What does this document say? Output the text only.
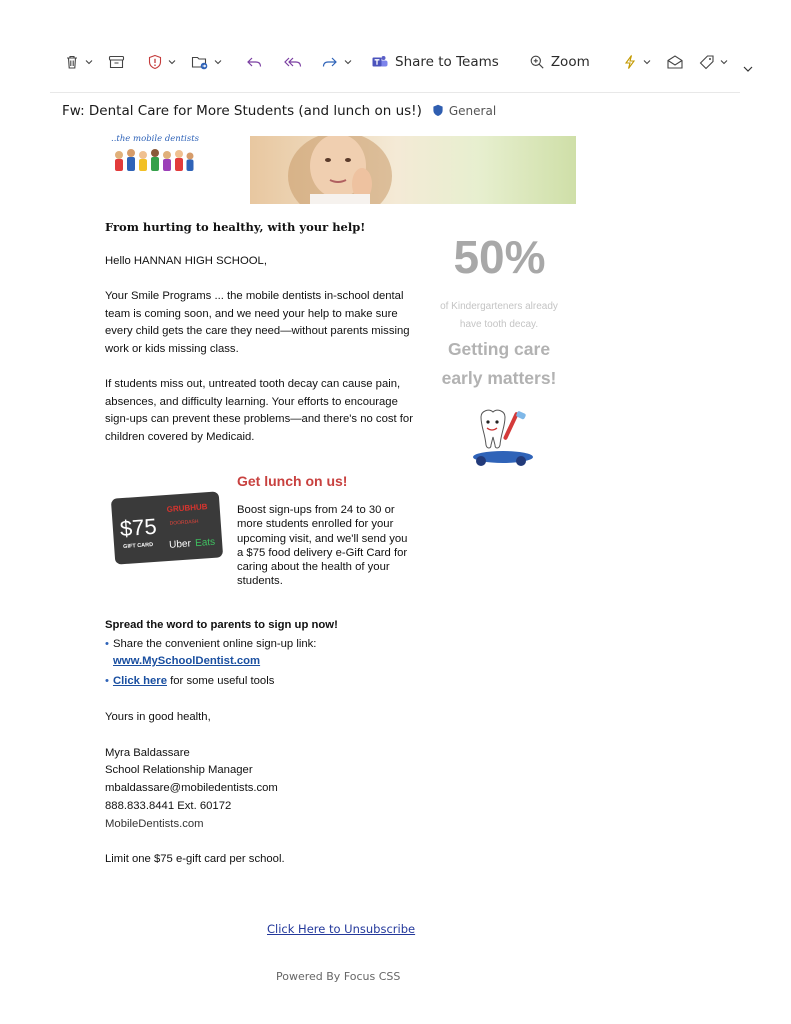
Share to Teams	Zoom
Fw: Dental Care for More Students (and lunch on us!) General
..the mobile dentists
From hurting to healthy, with your help!
Hello HANNAN HIGH SCHOOL,
Your Smile Programs ... the mobile dentists in-school dental
team is coming soon, and we need your help to make sure
every child gets the care they need—without parents missing
work or kids missing class.
If students miss out, untreated tooth decay can cause pain,
absences, and difficulty learning. Your efforts to encourage
sign-ups can prevent these problems—and there's no cost for
children covered by Medicaid.
50%
of Kindergarteners already
have tooth decay.
Getting care
early matters!
$75
GIFT CARD
GRUBHUB
DOORDASH
Uber Eats
Get lunch on us!
Boost sign-ups from 24 to 30 or
more students enrolled for your
upcoming visit, and we'll send you
a $75 food delivery e-Gift Card for
caring about the health of your
students.
Spread the word to parents to sign up now!
• Share the convenient online sign-up link:
www.MySchoolDentist.com
• Click here for some useful tools
Yours in good health,
Myra Baldassare
School Relationship Manager
mbaldassare@mobiledentists.com
888.833.8441 Ext. 60172
MobileDentists.com
Limit one $75 e-gift card per school.
Click Here to Unsubscribe
Powered By Focus CSS
